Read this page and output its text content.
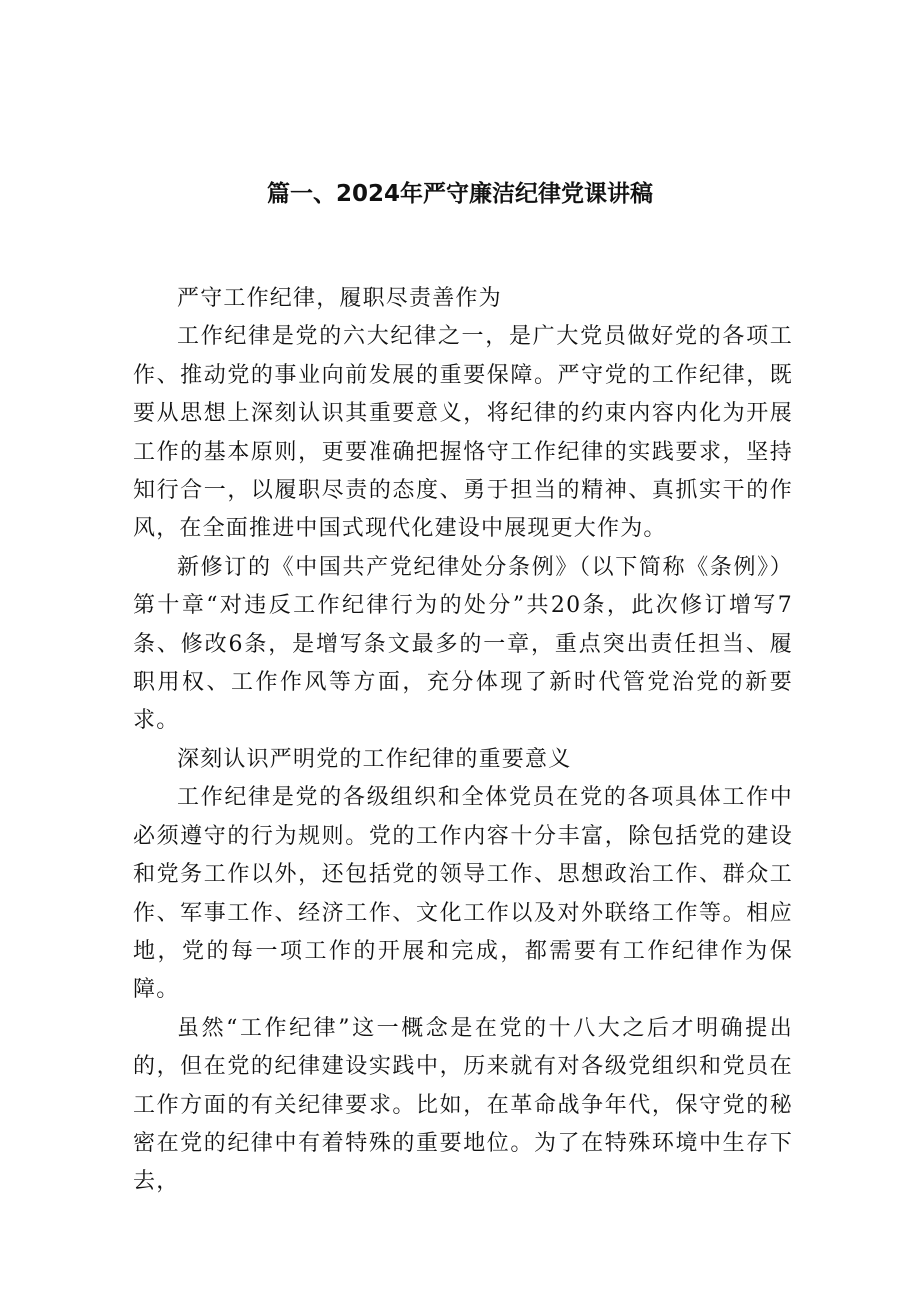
篇一、2024年严守廉洁纪律党课讲稿

严守工作纪律，履职尽责善作为

工作纪律是党的六大纪律之一，是广大党员做好党的各项工作、推动党的事业向前发展的重要保障。严守党的工作纪律，既要从思想上深刻认识其重要意义，将纪律的约束内容内化为开展工作的基本原则，更要准确把握恪守工作纪律的实践要求，坚持知行合一，以履职尽责的态度、勇于担当的精神、真抓实干的作风，在全面推进中国式现代化建设中展现更大作为。

新修订的《中国共产党纪律处分条例》（以下简称《条例》）第十章“对违反工作纪律行为的处分”共20条，此次修订增写7条、修改6条，是增写条文最多的一章，重点突出责任担当、履职用权、工作作风等方面，充分体现了新时代管党治党的新要求。

深刻认识严明党的工作纪律的重要意义

工作纪律是党的各级组织和全体党员在党的各项具体工作中必须遵守的行为规则。党的工作内容十分丰富，除包括党的建设和党务工作以外，还包括党的领导工作、思想政治工作、群众工作、军事工作、经济工作、文化工作以及对外联络工作等。相应地，党的每一项工作的开展和完成，都需要有工作纪律作为保障。

虽然“工作纪律”这一概念是在党的十八大之后才明确提出的，但在党的纪律建设实践中，历来就有对各级党组织和党员在工作方面的有关纪律要求。比如，在革命战争年代，保守党的秘密在党的纪律中有着特殊的重要地位。为了在特殊环境中生存下去，
